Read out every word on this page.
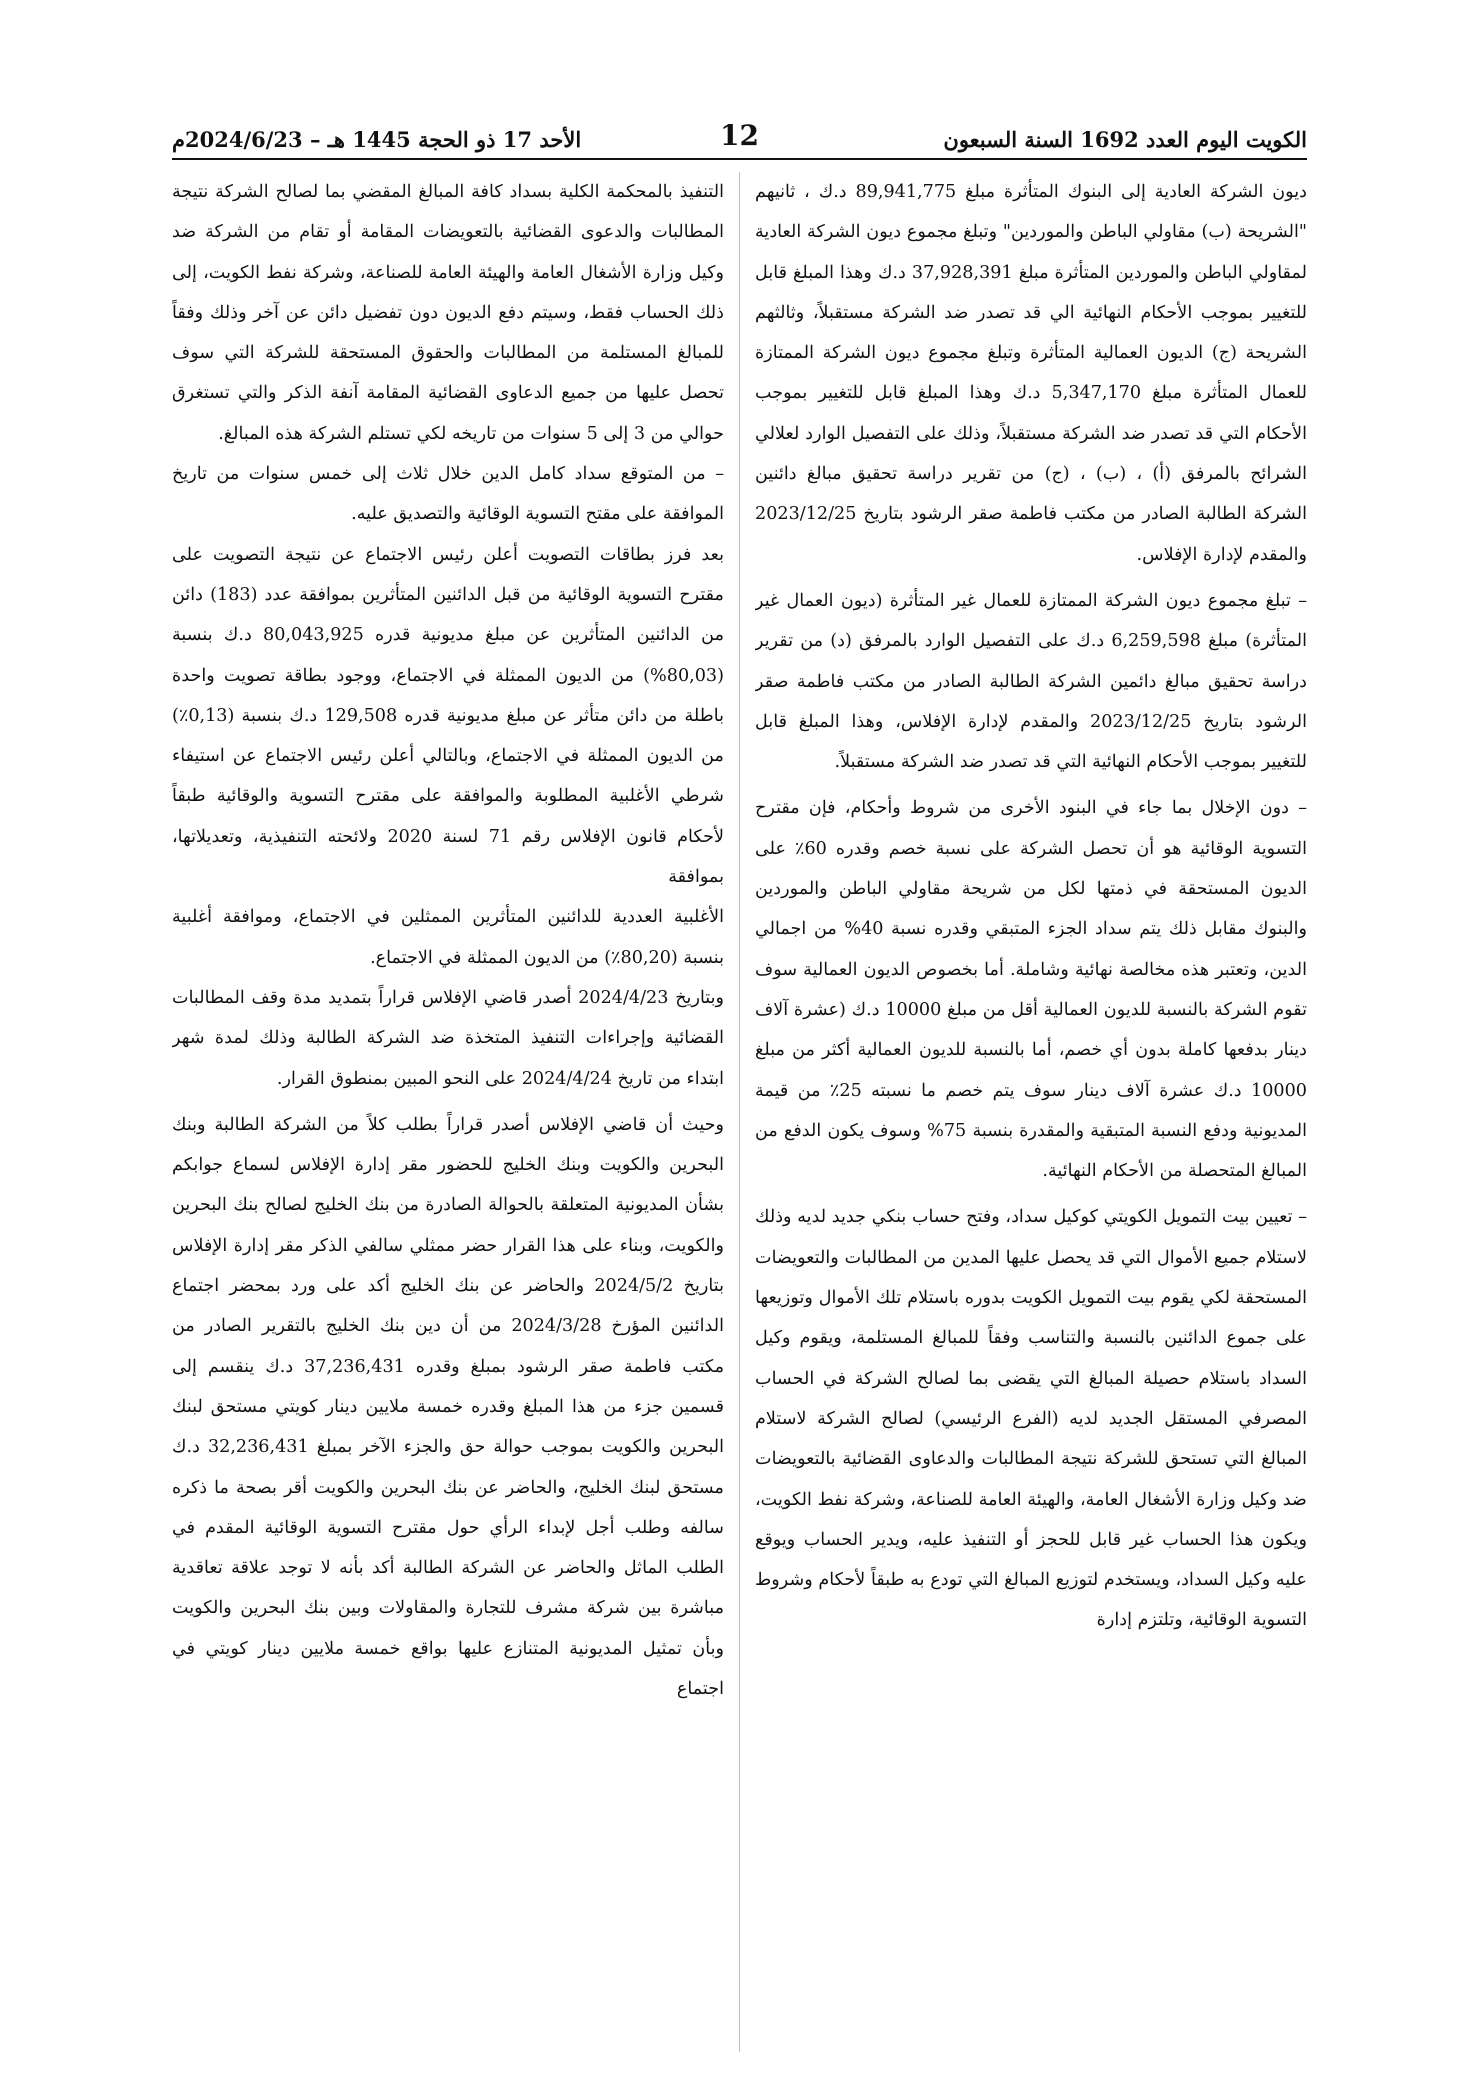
الكويت اليوم العدد 1692 السنة السبعون
12
الأحد 17 ذو الحجة 1445 هـ – 2024/6/23م

ديون الشركة العادية إلى البنوك المتأثرة مبلغ 89,941,775 د.ك ، ثانيهم "الشريحة (ب) مقاولي الباطن والموردين" وتبلغ مجموع ديون الشركة العادية لمقاولي الباطن والموردين المتأثرة مبلغ 37,928,391 د.ك وهذا المبلغ قابل للتغيير بموجب الأحكام النهائية الي قد تصدر ضد الشركة مستقبلاً، وثالثهم الشريحة (ج) الديون العمالية المتأثرة وتبلغ مجموع ديون الشركة الممتازة للعمال المتأثرة مبلغ 5,347,170 د.ك وهذا المبلغ قابل للتغيير بموجب الأحكام التي قد تصدر ضد الشركة مستقبلاً، وذلك على التفصيل الوارد لعلالي الشرائح بالمرفق (أ) ، (ب) ، (ج) من تقرير دراسة تحقيق مبالغ دائنين الشركة الطالبة الصادر من مكتب فاطمة صقر الرشود بتاريخ 2023/12/25 والمقدم لإدارة الإفلاس.

– تبلغ مجموع ديون الشركة الممتازة للعمال غير المتأثرة (ديون العمال غير المتأثرة) مبلغ 6,259,598 د.ك على التفصيل الوارد بالمرفق (د) من تقرير دراسة تحقيق مبالغ دائمين الشركة الطالبة الصادر من مكتب فاطمة صقر الرشود بتاريخ 2023/12/25 والمقدم لإدارة الإفلاس، وهذا المبلغ قابل للتغيير بموجب الأحكام النهائية التي قد تصدر ضد الشركة مستقبلاً.

– دون الإخلال بما جاء في البنود الأخرى من شروط وأحكام، فإن مقترح التسوية الوقائية هو أن تحصل الشركة على نسبة خصم وقدره 60٪ على الديون المستحقة في ذمتها لكل من شريحة مقاولي الباطن والموردين والبنوك مقابل ذلك يتم سداد الجزء المتبقي وقدره نسبة 40% من اجمالي الدين، وتعتبر هذه مخالصة نهائية وشاملة. أما بخصوص الديون العمالية سوف تقوم الشركة بالنسبة للديون العمالية أقل من مبلغ 10000 د.ك (عشرة آلاف دينار بدفعها كاملة بدون أي خصم، أما بالنسبة للديون العمالية أكثر من مبلغ 10000 د.ك عشرة آلاف دينار سوف يتم خصم ما نسبته 25٪ من قيمة المديونية ودفع النسبة المتبقية والمقدرة بنسبة 75% وسوف يكون الدفع من المبالغ المتحصلة من الأحكام النهائية.

– تعيين بيت التمويل الكويتي كوكيل سداد، وفتح حساب بنكي جديد لديه وذلك لاستلام جميع الأموال التي قد يحصل عليها المدين من المطالبات والتعويضات المستحقة لكي يقوم بيت التمويل الكويت بدوره باستلام تلك الأموال وتوزيعها على جموع الدائنين بالنسبة والتناسب وفقاً للمبالغ المستلمة، ويقوم وكيل السداد باستلام حصيلة المبالغ التي يقضى بما لصالح الشركة في الحساب المصرفي المستقل الجديد لديه (الفرع الرئيسي) لصالح الشركة لاستلام المبالغ التي تستحق للشركة نتيجة المطالبات والدعاوى القضائية بالتعويضات ضد وكيل وزارة الأشغال العامة، والهيئة العامة للصناعة، وشركة نفط الكويت، ويكون هذا الحساب غير قابل للحجز أو التنفيذ عليه، ويدير الحساب ويوقع عليه وكيل السداد، ويستخدم لتوزيع المبالغ التي تودع به طبقاً لأحكام وشروط التسوية الوقائية، وتلتزم إدارة

التنفيذ بالمحكمة الكلية بسداد كافة المبالغ المقضي بما لصالح الشركة نتيجة المطالبات والدعوى القضائية بالتعويضات المقامة أو تقام من الشركة ضد وكيل وزارة الأشغال العامة والهيئة العامة للصناعة، وشركة نفط الكويت، إلى ذلك الحساب فقط، وسيتم دفع الديون دون تفضيل دائن عن آخر وذلك وفقاً للمبالغ المستلمة من المطالبات والحقوق المستحقة للشركة التي سوف تحصل عليها من جميع الدعاوى القضائية المقامة آنفة الذكر والتي تستغرق حوالي من 3 إلى 5 سنوات من تاريخه لكي تستلم الشركة هذه المبالغ.

– من المتوقع سداد كامل الدين خلال ثلاث إلى خمس سنوات من تاريخ الموافقة على مقتح التسوية الوقائية والتصديق عليه.

بعد فرز بطاقات التصويت أعلن رئيس الاجتماع عن نتيجة التصويت على مقترح التسوية الوقائية من قبل الدائنين المتأثرين بموافقة عدد (183) دائن من الدائنين المتأثرين عن مبلغ مديونية قدره 80,043,925 د.ك بنسبة (80,03%) من الديون الممثلة في الاجتماع، ووجود بطاقة تصويت واحدة باطلة من دائن متأثر عن مبلغ مديونية قدره 129,508 د.ك بنسبة (0,13٪) من الديون الممثلة في الاجتماع، وبالتالي أعلن رئيس الاجتماع عن استيفاء شرطي الأغلبية المطلوبة والموافقة على مقترح التسوية والوقائية طبقاً لأحكام قانون الإفلاس رقم 71 لسنة 2020 ولائحته التنفيذية، وتعديلاتها، بموافقة

الأغلبية العددية للدائنين المتأثرين الممثلين في الاجتماع، وموافقة أغلبية بنسبة (80,20٪) من الديون الممثلة في الاجتماع.

وبتاريخ 2024/4/23 أصدر قاضي الإفلاس قراراً بتمديد مدة وقف المطالبات القضائية وإجراءات التنفيذ المتخذة ضد الشركة الطالبة وذلك لمدة شهر ابتداء من تاريخ 2024/4/24 على النحو المبين بمنطوق القرار.

وحيث أن قاضي الإفلاس أصدر قراراً بطلب كلاً من الشركة الطالبة وبنك البحرين والكويت وبنك الخليج للحضور مقر إدارة الإفلاس لسماع جوابكم بشأن المديونية المتعلقة بالحوالة الصادرة من بنك الخليج لصالح بنك البحرين والكويت، وبناء على هذا القرار حضر ممثلي سالفي الذكر مقر إدارة الإفلاس بتاريخ 2024/5/2 والحاضر عن بنك الخليج أكد على ورد بمحضر اجتماع الدائنين المؤرخ 2024/3/28 من أن دين بنك الخليج بالتقرير الصادر من مكتب فاطمة صقر الرشود بمبلغ وقدره 37,236,431 د.ك ينقسم إلى قسمين جزء من هذا المبلغ وقدره خمسة ملايين دينار كويتي مستحق لبنك البحرين والكويت بموجب حوالة حق والجزء الآخر بمبلغ 32,236,431 د.ك مستحق لبنك الخليج، والحاضر عن بنك البحرين والكويت أقر بصحة ما ذكره سالفه وطلب أجل لإبداء الرأي حول مقترح التسوية الوقائية المقدم في الطلب الماثل والحاضر عن الشركة الطالبة أكد بأنه لا توجد علاقة تعاقدية مباشرة بين شركة مشرف للتجارة والمقاولات وبين بنك البحرين والكويت وبأن تمثيل المديونية المتنازع عليها بواقع خمسة ملايين دينار كويتي في اجتماع
